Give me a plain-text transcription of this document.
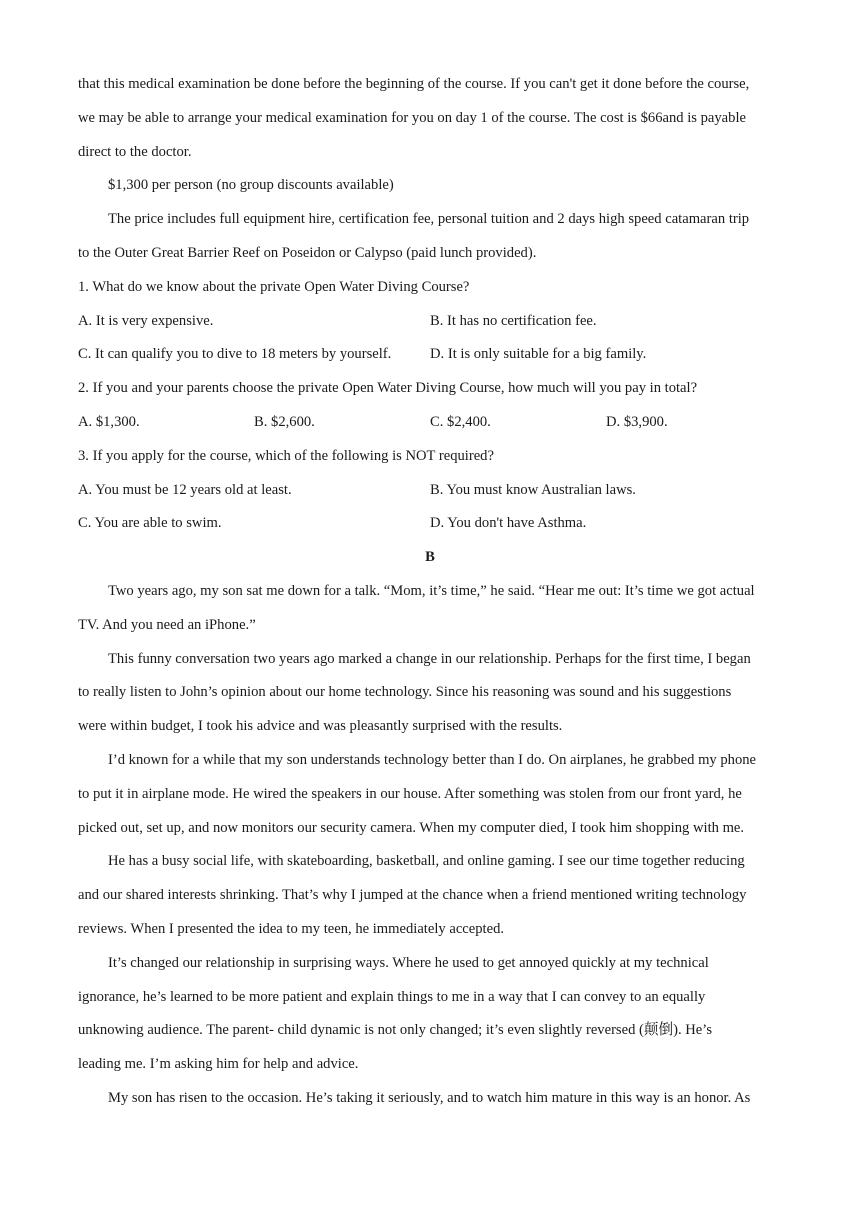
that this medical examination be done before the beginning of the course. If you can't get it done before the course,
we may be able to arrange your medical examination for you on day 1 of the course. The cost is $66and is payable
direct to the doctor.
$1,300 per person (no group discounts available)
The price includes full equipment hire, certification fee, personal tuition and 2 days high speed catamaran trip
to the Outer Great Barrier Reef on Poseidon or Calypso (paid lunch provided).
1. What do we know about the private Open Water Diving Course?
A. It is very expensive.	B. It has no certification fee.
C. It can qualify you to dive to 18 meters by yourself.	D. It is only suitable for a big family.
2. If you and your parents choose the private Open Water Diving Course, how much will you pay in total?
A. $1,300.	B. $2,600.	C. $2,400.	D. $3,900.
3. If you apply for the course, which of the following is NOT required?
A. You must be 12 years old at least.	B. You must know Australian laws.
C. You are able to swim.	D. You don't have Asthma.
B
Two years ago, my son sat me down for a talk. “Mom, it’s time,” he said. “Hear me out: It’s time we got actual
TV. And you need an iPhone.”
This funny conversation two years ago marked a change in our relationship. Perhaps for the first time, I began
to really listen to John’s opinion about our home technology. Since his reasoning was sound and his suggestions
were within budget, I took his advice and was pleasantly surprised with the results.
I’d known for a while that my son understands technology better than I do. On airplanes, he grabbed my phone
to put it in airplane mode. He wired the speakers in our house. After something was stolen from our front yard, he
picked out, set up, and now monitors our security camera. When my computer died, I took him shopping with me.
He has a busy social life, with skateboarding, basketball, and online gaming. I see our time together reducing
and our shared interests shrinking. That’s why I jumped at the chance when a friend mentioned writing technology
reviews. When I presented the idea to my teen, he immediately accepted.
It’s changed our relationship in surprising ways. Where he used to get annoyed quickly at my technical
ignorance, he’s learned to be more patient and explain things to me in a way that I can convey to an equally
unknowing audience. The parent- child dynamic is not only changed; it’s even slightly reversed (颠倒). He’s
leading me. I’m asking him for help and advice.
My son has risen to the occasion. He’s taking it seriously, and to watch him mature in this way is an honor. As
